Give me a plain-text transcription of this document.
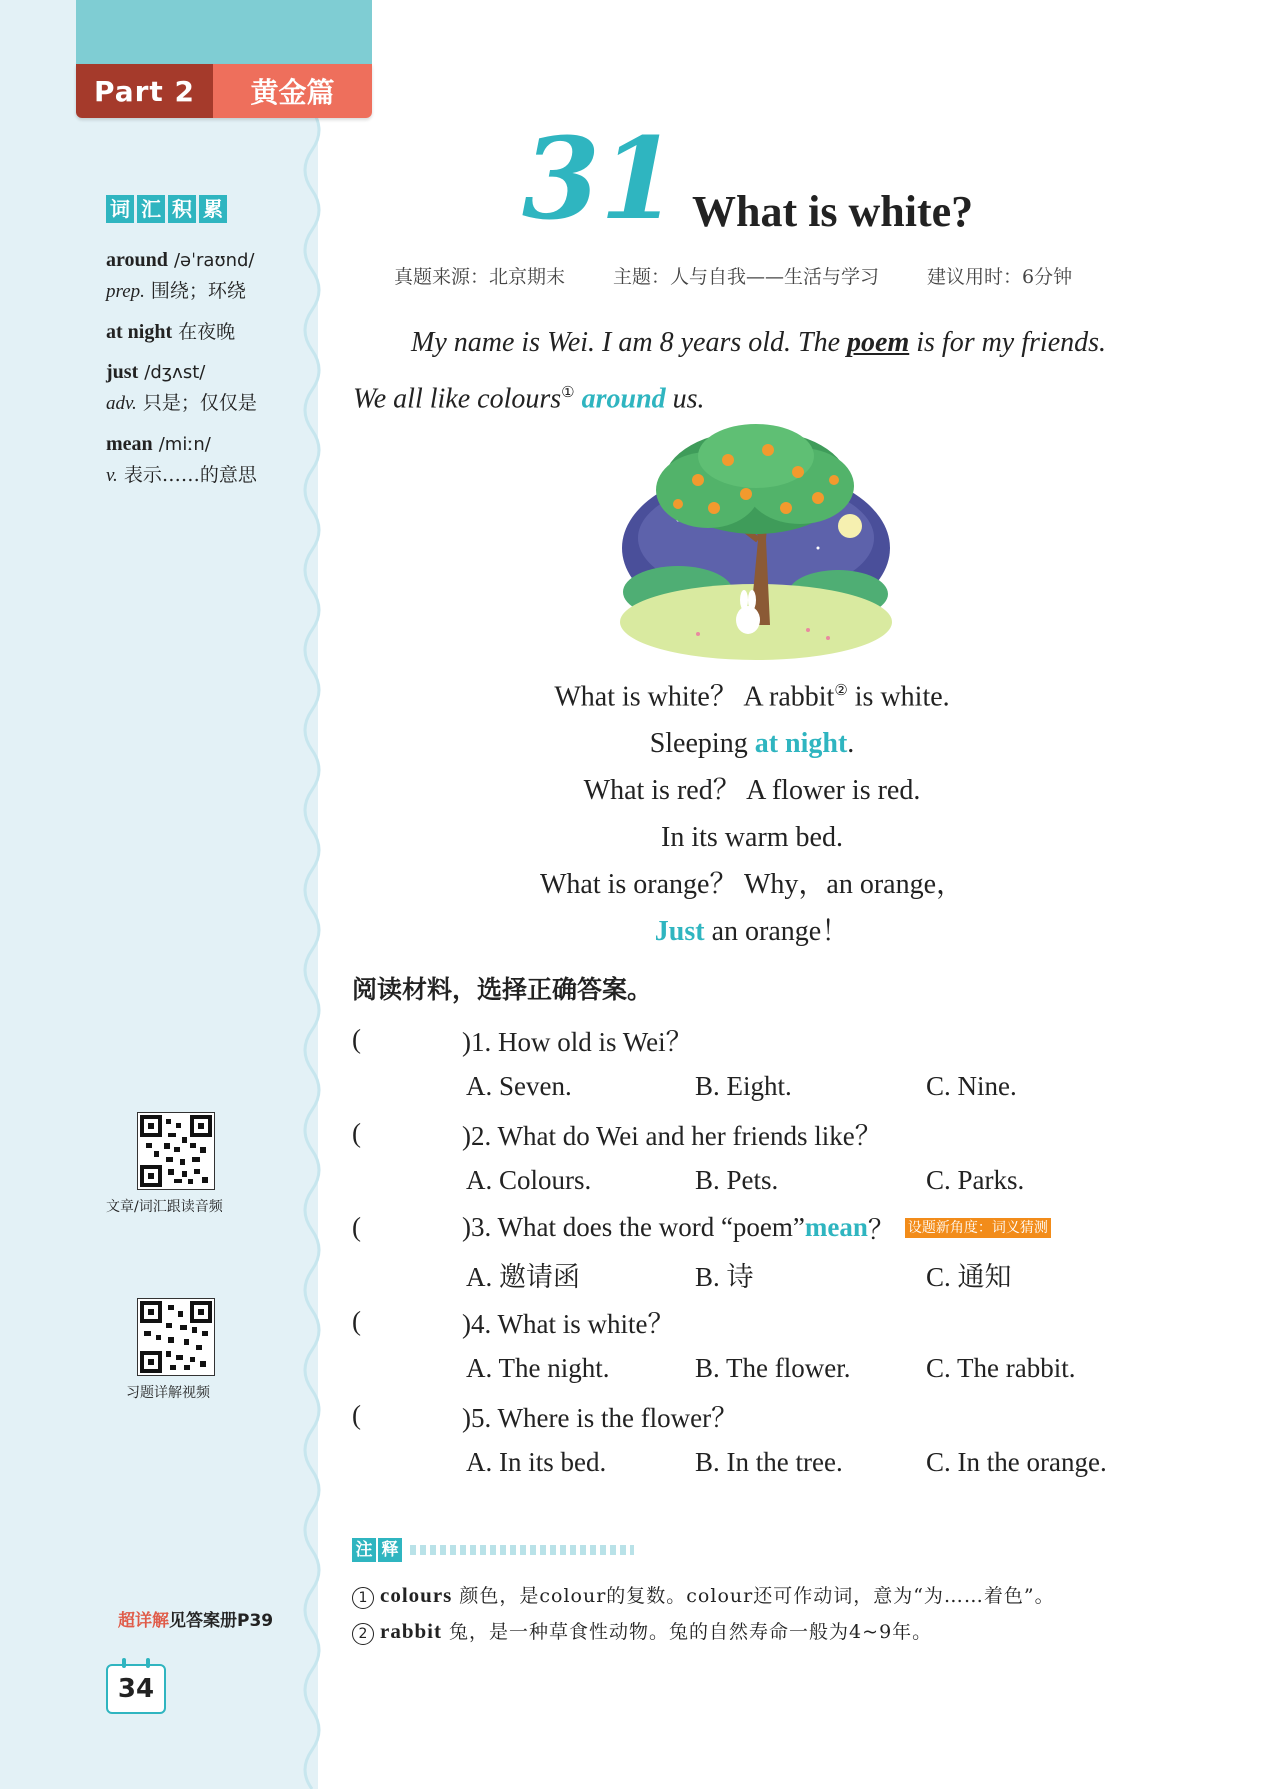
Part 2	黄金篇
词 汇 积 累
around /əˈraʊnd/
prep. 围绕；环绕
at night 在夜晚
just /dʒʌst/
adv. 只是；仅仅是
mean /miːn/
v. 表示……的意思
文章/词汇跟读音频
习题详解视频
超详解见答案册P39
34
31 What is white?
真题来源：北京期末	主题：人与自我——生活与学习	建议用时：6分钟
My name is Wei. I am 8 years old. The poem is for my friends.
We all like colours① around us.
What is white？ A rabbit② is white.
Sleeping at night.
What is red？ A flower is red.
In its warm bed.
What is orange？ Why，an orange，
Just an orange！
阅读材料，选择正确答案。
(	)1. How old is Wei？
A. Seven.	B. Eight.	C. Nine.
(	)2. What do Wei and her friends like？
A. Colours.	B. Pets.	C. Parks.
(	)3. What does the word “poem” mean ？ 设题新角度：词义猜测
A. 邀请函	B. 诗	C. 通知
(	)4. What is white？
A. The night.	B. The flower.	C. The rabbit.
(	)5. Where is the flower？
A. In its bed.	B. In the tree.	C. In the orange.
注 释
1 colours 颜色，是colour的复数。colour还可作动词，意为“为……着色”。
2 rabbit 兔，是一种草食性动物。兔的自然寿命一般为4~9年。
